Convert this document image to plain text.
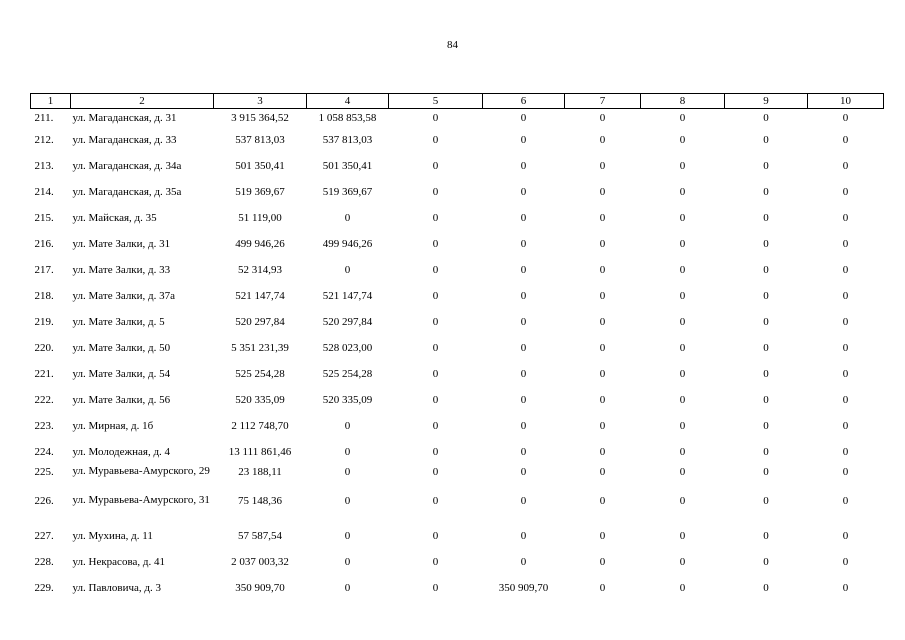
84
1	2	3	4	5	6	7	8	9	10
211.	ул. Магаданская, д. 31	3 915 364,52	1 058 853,58	0	0	0	0	0	0
212.	ул. Магаданская, д. 33	537 813,03	537 813,03	0	0	0	0	0	0
213.	ул. Магаданская, д. 34а	501 350,41	501 350,41	0	0	0	0	0	0
214.	ул. Магаданская, д. 35а	519 369,67	519 369,67	0	0	0	0	0	0
215.	ул. Майская, д. 35	51 119,00	0	0	0	0	0	0	0
216.	ул. Мате Залки, д. 31	499 946,26	499 946,26	0	0	0	0	0	0
217.	ул. Мате Залки, д. 33	52 314,93	0	0	0	0	0	0	0
218.	ул. Мате Залки, д. 37а	521 147,74	521 147,74	0	0	0	0	0	0
219.	ул. Мате Залки, д. 5	520 297,84	520 297,84	0	0	0	0	0	0
220.	ул. Мате Залки, д. 50	5 351 231,39	528 023,00	0	0	0	0	0	0
221.	ул. Мате Залки, д. 54	525 254,28	525 254,28	0	0	0	0	0	0
222.	ул. Мате Залки, д. 56	520 335,09	520 335,09	0	0	0	0	0	0
223.	ул. Мирная, д. 1б	2 112 748,70	0	0	0	0	0	0	0
224.	ул. Молодежная, д. 4	13 111 861,46	0	0	0	0	0	0	0
225.	ул. Муравьева-Амурского, 29	23 188,11	0	0	0	0	0	0	0
226.	ул. Муравьева-Амурского, 31	75 148,36	0	0	0	0	0	0	0
227.	ул. Мухина, д. 11	57 587,54	0	0	0	0	0	0	0
228.	ул. Некрасова, д. 41	2 037 003,32	0	0	0	0	0	0	0
229.	ул. Павловича, д. 3	350 909,70	0	0	350 909,70	0	0	0	0
